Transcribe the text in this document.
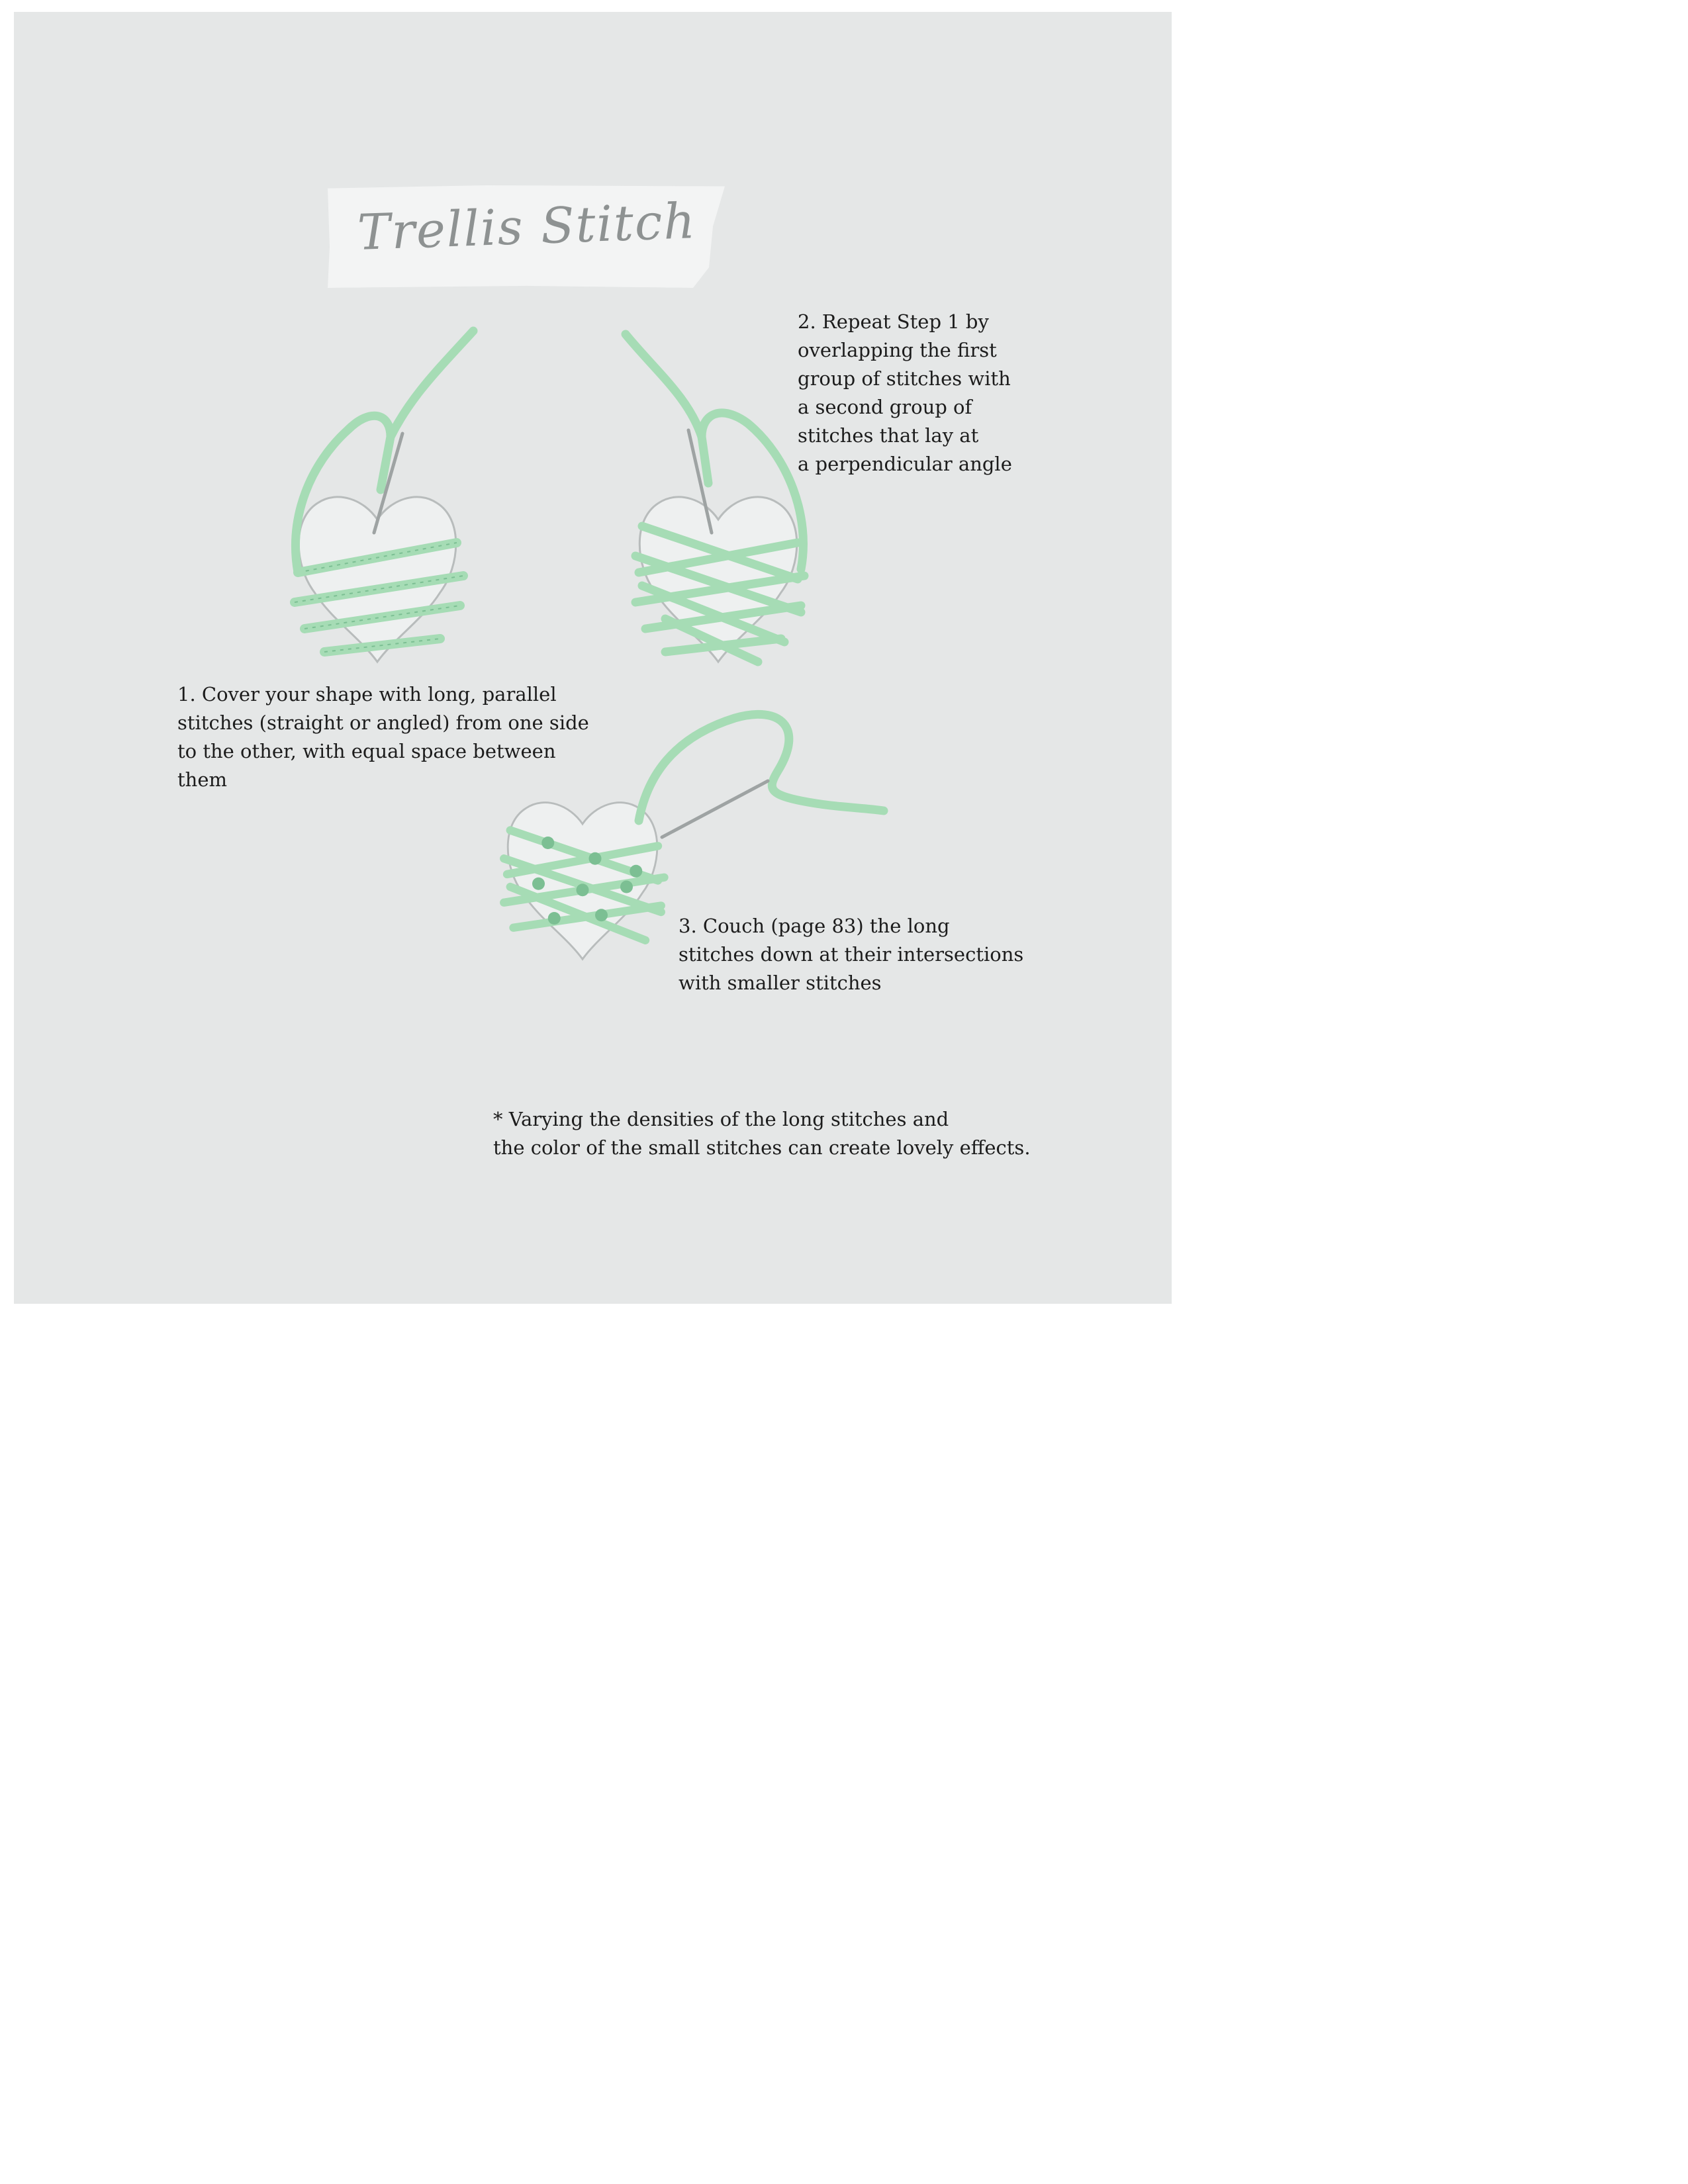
Trellis Stitch
2. Repeat Step 1 by
overlapping the first
group of stitches with
a second group of
stitches that lay at
a perpendicular angle
1. Cover your shape with long, parallel
stitches (straight or angled) from one side
to the other, with equal space between them
3. Couch (page 83) the long
stitches down at their intersections
with smaller stitches
* Varying the densities of the long stitches and
the color of the small stitches can create lovely effects.
